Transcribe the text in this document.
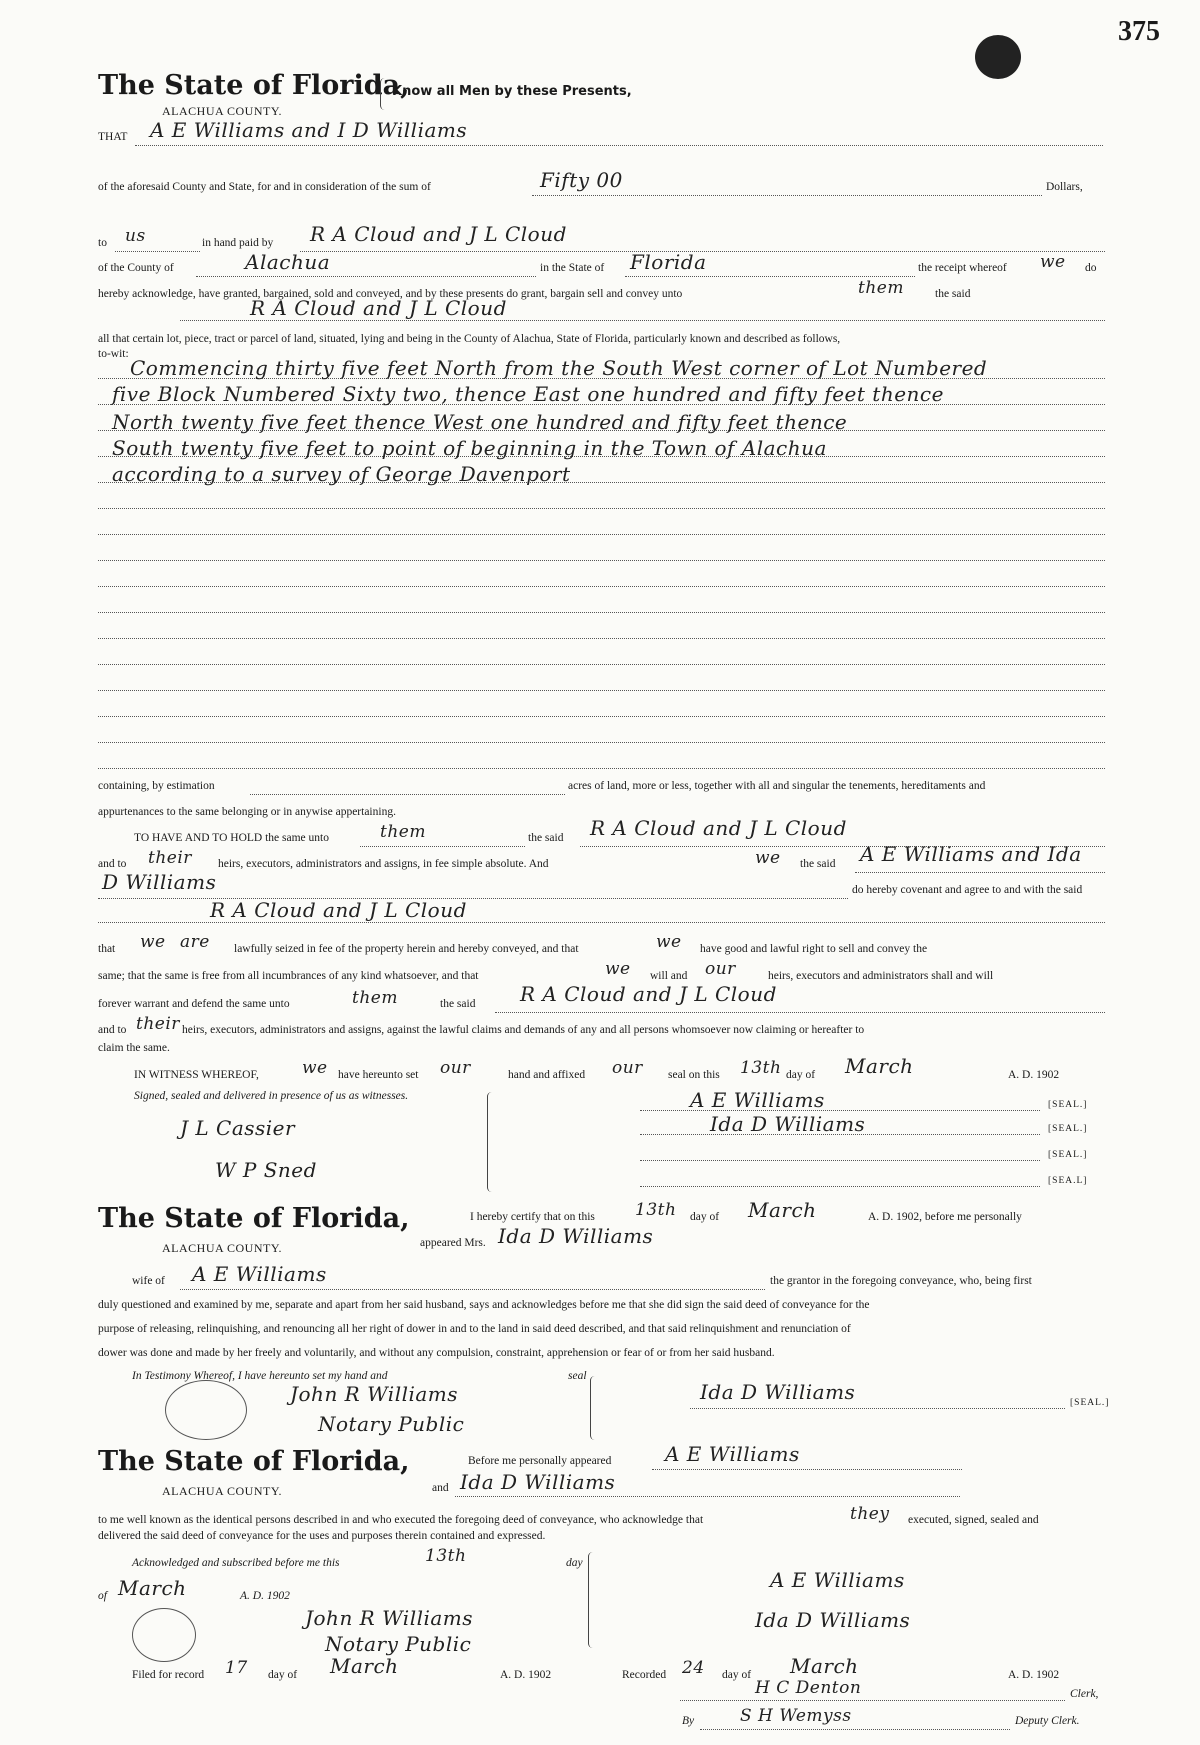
375
The State of Florida,
Know all Men by these Presents,
ALACHUA COUNTY.
THAT A E Williams and I D Williams
of the aforesaid County and State, for and in consideration of the sum of	Fifty 00	Dollars,
to us	in hand paid by R A Cloud and J L Cloud
of the County of	Alachua	in the State of Florida	the receipt whereof we do
hereby acknowledge, have granted, bargained, sold and conveyed, and by these presents do grant, bargain sell and convey unto	them	the said
R A Cloud and J L Cloud
all that certain lot, piece, tract or parcel of land, situated, lying and being in the County of Alachua, State of Florida, particularly known and described as follows,
to-wit:
Commencing thirty five feet North from the South West corner of Lot Numbered
five Block Numbered Sixty two, thence East one hundred and fifty feet thence
North twenty five feet thence West one hundred and fifty feet thence
South twenty five feet to point of beginning in the Town of Alachua
according to a survey of George Davenport
containing, by estimation	acres of land, more or less, together with all and singular the tenements, hereditaments and
appurtenances to the same belonging or in anywise appertaining.
TO HAVE AND TO HOLD the same unto	them	the said R A Cloud and J L Cloud
and to their heirs, executors, administrators and assigns, in fee simple absolute. And	we the said A E Williams and Ida
D Williams	do hereby covenant and agree to and with the said
R A Cloud and J L Cloud
that we are lawfully seized in fee of the property herein and hereby conveyed, and that	we have good and lawful right to sell and convey the
same; that the same is free from all incumbrances of any kind whatsoever, and that	we will and our	heirs, executors and administrators shall and will
forever warrant and defend the same unto	them	the said R A Cloud and J L Cloud
and to their heirs, executors, administrators and assigns, against the lawful claims and demands of any and all persons whomsoever now claiming or hereafter to
claim the same.
IN WITNESS WHEREOF,	we have hereunto set our	hand and affixed our seal on this 13th day of March	A. D. 1902
Signed, sealed and delivered in presence of us as witnesses.
J L Cassier
W P Sned
A E Williams	[SEAL.]
Ida D Williams	[SEAL.]
[SEAL.]
[SEA.L]
The State of Florida,
ALACHUA COUNTY.
I hereby certify that on this 13th day of March	A. D. 1902, before me personally
appeared Mrs. Ida D Williams
wife of A E Williams	the grantor in the foregoing conveyance, who, being first
duly questioned and examined by me, separate and apart from her said husband, says and acknowledges before me that she did sign the said deed of conveyance for the
purpose of releasing, relinquishing, and renouncing all her right of dower in and to the land in said deed described, and that said relinquishment and renunciation of
dower was done and made by her freely and voluntarily, and without any compulsion, constraint, apprehension or fear of or from her said husband.
In Testimony Whereof, I have hereunto set my hand and	seal
John R Williams
Notary Public
Ida D Williams	[SEAL.]
The State of Florida,
ALACHUA COUNTY.
Before me personally appeared	A E Williams
and Ida D Williams
to me well known as the identical persons described in and who executed the foregoing deed of conveyance, who acknowledge that	they executed, signed, sealed and
delivered the said deed of conveyance for the uses and purposes therein contained and expressed.
Acknowledged and subscribed before me this	13th	day
of March	A. D. 1902
John R Williams
Notary Public
A E Williams
Ida D Williams
Filed for record 17 day of March	A. D. 1902	Recorded 24 day of March	A. D. 1902
H C Denton	Clerk,
By	S H Wemyss	Deputy Clerk.
